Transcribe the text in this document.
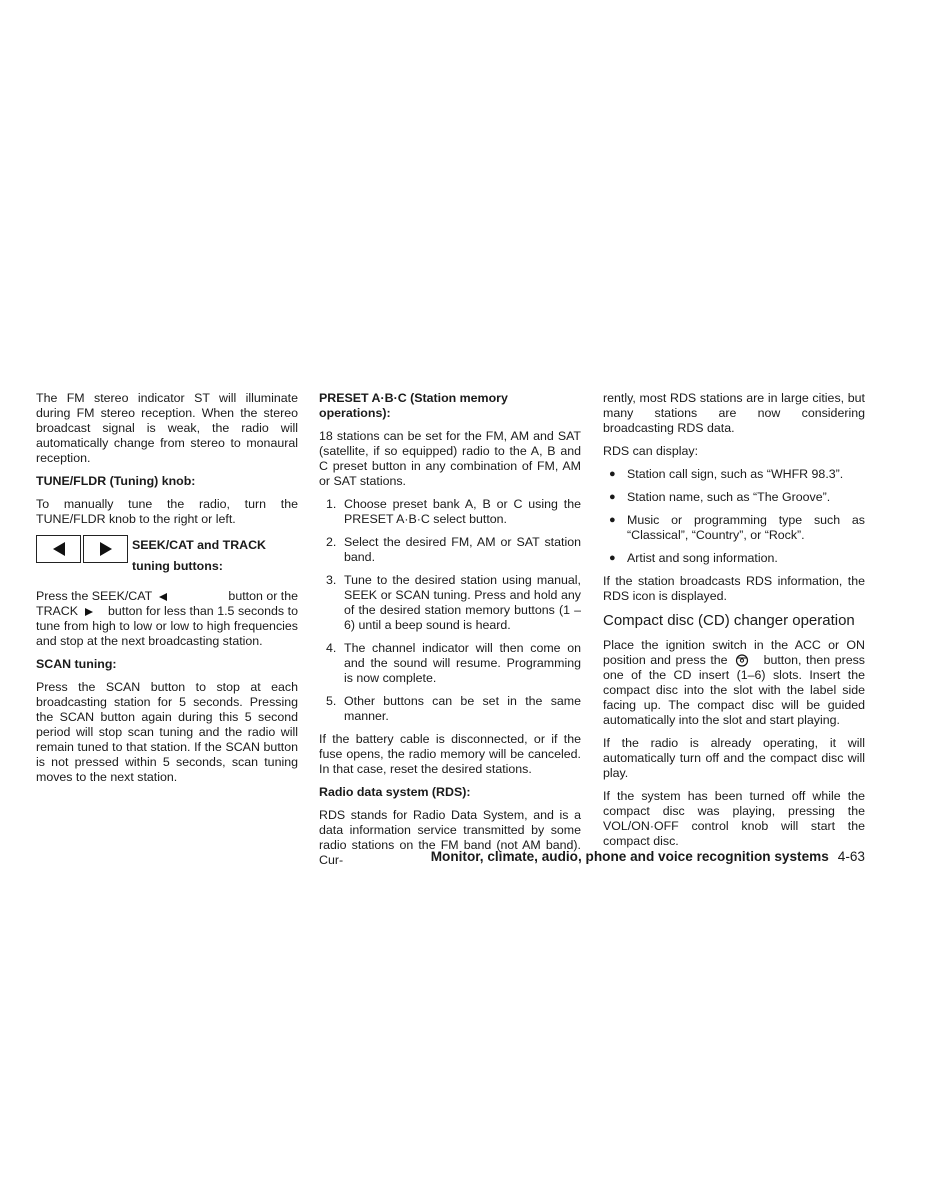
The FM stereo indicator ST will illuminate during FM stereo reception. When the stereo broadcast signal is weak, the radio will automatically change from stereo to monaural reception.

TUNE/FLDR (Tuning) knob:

To manually tune the radio, turn the TUNE/FLDR knob to the right or left.

SEEK/CAT and TRACK
tuning buttons:

Press the SEEK/CAT	button or the
TRACK button for less than 1.5 seconds to tune from high to low or low to high frequencies and stop at the next broadcasting station.

SCAN tuning:

Press the SCAN button to stop at each broadcasting station for 5 seconds. Pressing the SCAN button again during this 5 second period will stop scan tuning and the radio will remain tuned to that station. If the SCAN button is not pressed within 5 seconds, scan tuning moves to the next station.

PRESET A·B·C (Station memory operations):

18 stations can be set for the FM, AM and SAT (satellite, if so equipped) radio to the A, B and C preset button in any combination of FM, AM or SAT stations.

1. Choose preset bank A, B or C using the PRESET A·B·C select button.
2. Select the desired FM, AM or SAT station band.
3. Tune to the desired station using manual, SEEK or SCAN tuning. Press and hold any of the desired station memory buttons (1 – 6) until a beep sound is heard.
4. The channel indicator will then come on and the sound will resume. Programming is now complete.
5. Other buttons can be set in the same manner.

If the battery cable is disconnected, or if the fuse opens, the radio memory will be canceled. In that case, reset the desired stations.

Radio data system (RDS):

RDS stands for Radio Data System, and is a data information service transmitted by some radio stations on the FM band (not AM band). Cur-

rently, most RDS stations are in large cities, but many stations are now considering broadcasting RDS data.

RDS can display:

● Station call sign, such as “WHFR 98.3”.
● Station name, such as “The Groove”.
● Music or programming type such as “Classical”, “Country”, or “Rock”.
● Artist and song information.

If the station broadcasts RDS information, the RDS icon is displayed.

Compact disc (CD) changer operation

Place the ignition switch in the ACC or ON position and press the	button, then press one of the CD insert (1–6) slots. Insert the compact disc into the slot with the label side facing up. The compact disc will be guided automatically into the slot and start playing.

If the radio is already operating, it will automatically turn off and the compact disc will play.

If the system has been turned off while the compact disc was playing, pressing the VOL/ON·OFF control knob will start the compact disc.

Monitor, climate, audio, phone and voice recognition systems 4-63
